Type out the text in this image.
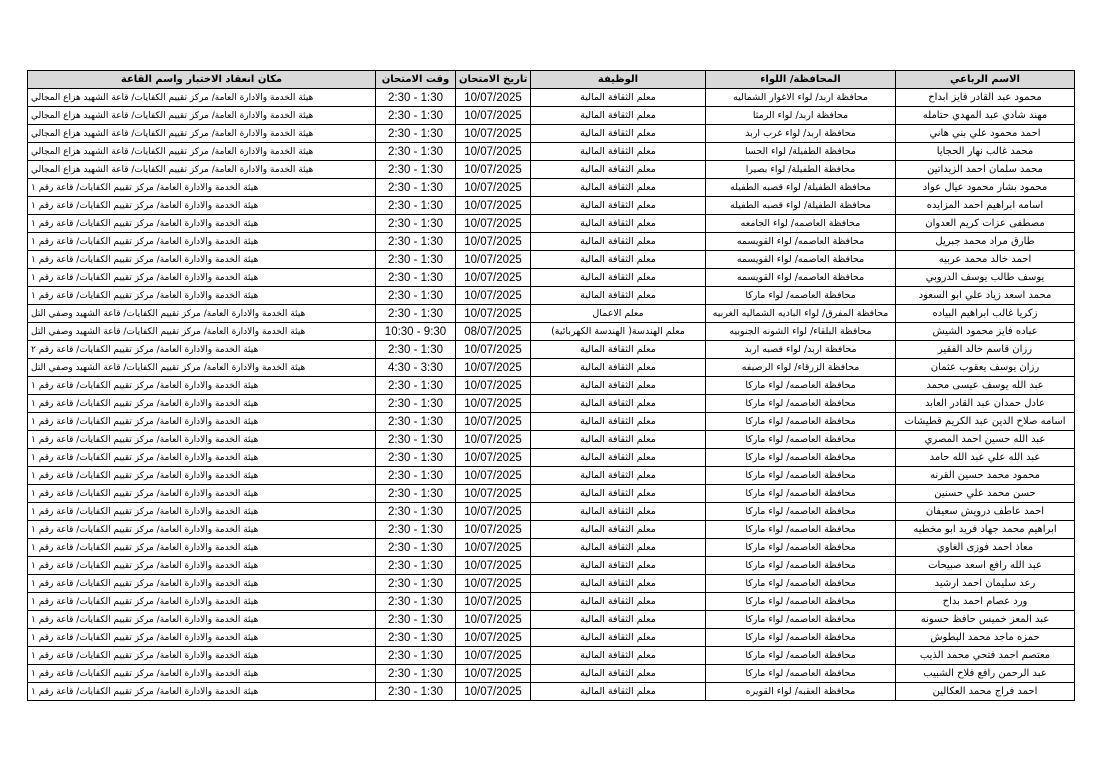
مكان انعقاد الاختبار واسم القاعة	وقت الامتحان	تاريخ الامتحان	الوظيفة	المحافظة/ اللواء	الاسم الرباعي
هيئة الخدمة والادارة العامة/ مركز تقييم الكفايات/ قاعة الشهيد هزاع المجالي	2:30 - 1:30	10/07/2025	معلم الثقافة المالية	محافظة اربد/ لواء الاغوار الشماليه	محمود عبد القادر فايز ابداح
هيئة الخدمة والادارة العامة/ مركز تقييم الكفايات/ قاعة الشهيد هزاع المجالي	2:30 - 1:30	10/07/2025	معلم الثقافة المالية	محافظة اربد/ لواء الرمثا	مهند شادي عبد المهدي حتامله
هيئة الخدمة والادارة العامة/ مركز تقييم الكفايات/ قاعة الشهيد هزاع المجالي	2:30 - 1:30	10/07/2025	معلم الثقافة المالية	محافظة اربد/ لواء غرب اربد	احمد محمود علي بني هاني
هيئة الخدمة والادارة العامة/ مركز تقييم الكفايات/ قاعة الشهيد هزاع المجالي	2:30 - 1:30	10/07/2025	معلم الثقافة المالية	محافظة الطفيلة/ لواء الحسا	محمد غالب نهار الحجايا
هيئة الخدمة والادارة العامة/ مركز تقييم الكفايات/ قاعة الشهيد هزاع المجالي	2:30 - 1:30	10/07/2025	معلم الثقافة المالية	محافظة الطفيلة/ لواء بصيرا	محمد سلمان احمد الزيداتين
هيئة الخدمة والادارة العامة/ مركز تقييم الكفايات/ قاعة رقم ١	2:30 - 1:30	10/07/2025	معلم الثقافة المالية	محافظة الطفيلة/ لواء قصبه الطفيله	محمود بشار محمود عيال عواد
هيئة الخدمة والادارة العامة/ مركز تقييم الكفايات/ قاعة رقم ١	2:30 - 1:30	10/07/2025	معلم الثقافة المالية	محافظة الطفيلة/ لواء قصبه الطفيله	اسامه ابراهيم احمد المزايده
هيئة الخدمة والادارة العامة/ مركز تقييم الكفايات/ قاعة رقم ١	2:30 - 1:30	10/07/2025	معلم الثقافة المالية	محافظة العاصمه/ لواء الجامعه	مصطفى عزات كريم العدوان
هيئة الخدمة والادارة العامة/ مركز تقييم الكفايات/ قاعة رقم ١	2:30 - 1:30	10/07/2025	معلم الثقافة المالية	محافظة العاصمه/ لواء القويسمه	طارق مراد محمد جبريل
هيئة الخدمة والادارة العامة/ مركز تقييم الكفايات/ قاعة رقم ١	2:30 - 1:30	10/07/2025	معلم الثقافة المالية	محافظة العاصمه/ لواء القويسمه	احمد خالد محمد عربيه
هيئة الخدمة والادارة العامة/ مركز تقييم الكفايات/ قاعة رقم ١	2:30 - 1:30	10/07/2025	معلم الثقافة المالية	محافظة العاصمه/ لواء القويسمه	يوسف طالب يوسف الدروبي
هيئة الخدمة والادارة العامة/ مركز تقييم الكفايات/ قاعة رقم ١	2:30 - 1:30	10/07/2025	معلم الثقافة المالية	محافظة العاصمه/ لواء ماركا	محمد اسعد زياد علي ابو السعود
هيئة الخدمة والادارة العامة/ مركز تقييم الكفايات/ قاعة الشهيد وصفي التل	2:30 - 1:30	10/07/2025	معلم الاعمال	محافظة المفرق/ لواء الباديه الشماليه الغربيه	زكريا غالب ابراهيم البياده
هيئة الخدمة والادارة العامة/ مركز تقييم الكفايات/ قاعة الشهيد وصفي التل	10:30 - 9:30	08/07/2025	معلم الهندسة( الهندسة الكهربائية)	محافظة البلقاء/ لواء الشونه الجنوبيه	عباده فايز محمود الشيش
هيئة الخدمة والادارة العامة/ مركز تقييم الكفايات/ قاعة رقم ٢	2:30 - 1:30	10/07/2025	معلم الثقافة المالية	محافظة اربد/ لواء قصبه اربد	رزان قاسم خالد الفقير
هيئة الخدمة والادارة العامة/ مركز تقييم الكفايات/ قاعة الشهيد وصفي التل	4:30 - 3:30	10/07/2025	معلم الثقافة المالية	محافظة الزرقاء/ لواء الرصيفه	رزان يوسف يعقوب عثمان
هيئة الخدمة والادارة العامة/ مركز تقييم الكفايات/ قاعة رقم ١	2:30 - 1:30	10/07/2025	معلم الثقافة المالية	محافظة العاصمه/ لواء ماركا	عبد الله يوسف عيسى محمد
هيئة الخدمة والادارة العامة/ مركز تقييم الكفايات/ قاعة رقم ١	2:30 - 1:30	10/07/2025	معلم الثقافة المالية	محافظة العاصمه/ لواء ماركا	عادل حمدان عبد القادر العابد
هيئة الخدمة والادارة العامة/ مركز تقييم الكفايات/ قاعة رقم ١	2:30 - 1:30	10/07/2025	معلم الثقافة المالية	محافظة العاصمه/ لواء ماركا	اسامه صلاح الدين عبد الكريم قطيشات
هيئة الخدمة والادارة العامة/ مركز تقييم الكفايات/ قاعة رقم ١	2:30 - 1:30	10/07/2025	معلم الثقافة المالية	محافظة العاصمه/ لواء ماركا	عبد الله حسين احمد المصري
هيئة الخدمة والادارة العامة/ مركز تقييم الكفايات/ قاعة رقم ١	2:30 - 1:30	10/07/2025	معلم الثقافة المالية	محافظة العاصمه/ لواء ماركا	عبد الله علي عبد الله حامد
هيئة الخدمة والادارة العامة/ مركز تقييم الكفايات/ قاعة رقم ١	2:30 - 1:30	10/07/2025	معلم الثقافة المالية	محافظة العاصمه/ لواء ماركا	محمود محمد حسين القرنه
هيئة الخدمة والادارة العامة/ مركز تقييم الكفايات/ قاعة رقم ١	2:30 - 1:30	10/07/2025	معلم الثقافة المالية	محافظة العاصمه/ لواء ماركا	حسن محمد علي حسنين
هيئة الخدمة والادارة العامة/ مركز تقييم الكفايات/ قاعة رقم ١	2:30 - 1:30	10/07/2025	معلم الثقافة المالية	محافظة العاصمه/ لواء ماركا	احمد عاطف درويش سعيفان
هيئة الخدمة والادارة العامة/ مركز تقييم الكفايات/ قاعة رقم ١	2:30 - 1:30	10/07/2025	معلم الثقافة المالية	محافظة العاصمه/ لواء ماركا	ابراهيم محمد جهاد فريد ابو مخطيه
هيئة الخدمة والادارة العامة/ مركز تقييم الكفايات/ قاعة رقم ١	2:30 - 1:30	10/07/2025	معلم الثقافة المالية	محافظة العاصمه/ لواء ماركا	معاذ احمد فوزى الغاوي
هيئة الخدمة والادارة العامة/ مركز تقييم الكفايات/ قاعة رقم ١	2:30 - 1:30	10/07/2025	معلم الثقافة المالية	محافظة العاصمه/ لواء ماركا	عبد الله رافع اسعد صبيحات
هيئة الخدمة والادارة العامة/ مركز تقييم الكفايات/ قاعة رقم ١	2:30 - 1:30	10/07/2025	معلم الثقافة المالية	محافظة العاصمه/ لواء ماركا	رعد سليمان احمد ارشيد
هيئة الخدمة والادارة العامة/ مركز تقييم الكفايات/ قاعة رقم ١	2:30 - 1:30	10/07/2025	معلم الثقافة المالية	محافظة العاصمه/ لواء ماركا	ورد عصام احمد بداح
هيئة الخدمة والادارة العامة/ مركز تقييم الكفايات/ قاعة رقم ١	2:30 - 1:30	10/07/2025	معلم الثقافة المالية	محافظة العاصمه/ لواء ماركا	عبد المعز خميس حافظ حسونه
هيئة الخدمة والادارة العامة/ مركز تقييم الكفايات/ قاعة رقم ١	2:30 - 1:30	10/07/2025	معلم الثقافة المالية	محافظة العاصمه/ لواء ماركا	حمزه ماجد محمد البطوش
هيئة الخدمة والادارة العامة/ مركز تقييم الكفايات/ قاعة رقم ١	2:30 - 1:30	10/07/2025	معلم الثقافة المالية	محافظة العاصمه/ لواء ماركا	معتصم احمد فتحي محمد الذيب
هيئة الخدمة والادارة العامة/ مركز تقييم الكفايات/ قاعة رقم ١	2:30 - 1:30	10/07/2025	معلم الثقافة المالية	محافظة العاصمه/ لواء ماركا	عبد الرحمن رافع فلاح الشبيب
هيئة الخدمة والادارة العامة/ مركز تقييم الكفايات/ قاعة رقم ١	2:30 - 1:30	10/07/2025	معلم الثقافة المالية	محافظة العقبه/ لواء القويره	احمد فراج محمد العكالين
